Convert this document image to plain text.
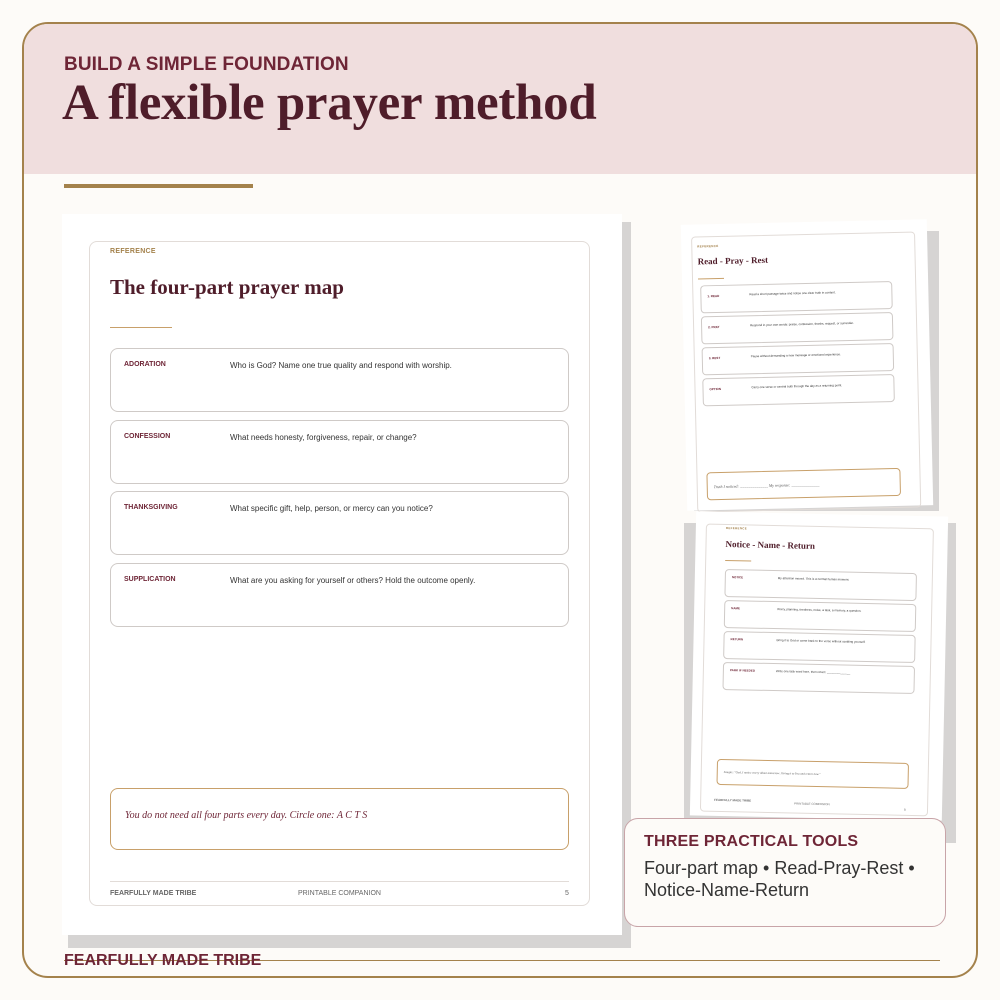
BUILD A SIMPLE FOUNDATION
A flexible prayer method
FEARFULLY MADE TRIBE
REFERENCE
The four-part prayer map
ADORATION	Who is God? Name one true quality and respond with worship.
CONFESSION	What needs honesty, forgiveness, repair, or change?
THANKSGIVING	What specific gift, help, person, or mercy can you notice?
SUPPLICATION	What are you asking for yourself or others? Hold the outcome openly.
You do not need all four parts every day. Circle one: A C T S
FEARFULLY MADE TRIBE	PRINTABLE COMPANION	5
REFERENCE
Read - Pray - Rest
1. READ	Read a short passage twice and notice one clear truth in context.
2. PRAY	Respond in your own words: praise, confession, thanks, request, or surrender.
3. REST	Pause without demanding a new message or emotional experience.
OPTION	Carry one verse or central truth through the day as a returning point.
Truth I noticed: ______________ My response: ______________
REFERENCE
Notice - Name - Return
NOTICE	My attention moved. This is a normal human moment.
NAME	Worry, planning, tiredness, noise, a task, a memory, a question.
RETURN	Bring it to God or come back to the verse without scolding yourself.
PARK IF NEEDED	Write one task word here, then return: ______________
Sample: "God, I notice worry about tomorrow. I bring it to You and return now."
FEARFULLY MADE TRIBE
PRINTABLE COMPANION
8
THREE PRACTICAL TOOLS
Four-part map • Read-Pray-Rest • Notice-Name-Return
